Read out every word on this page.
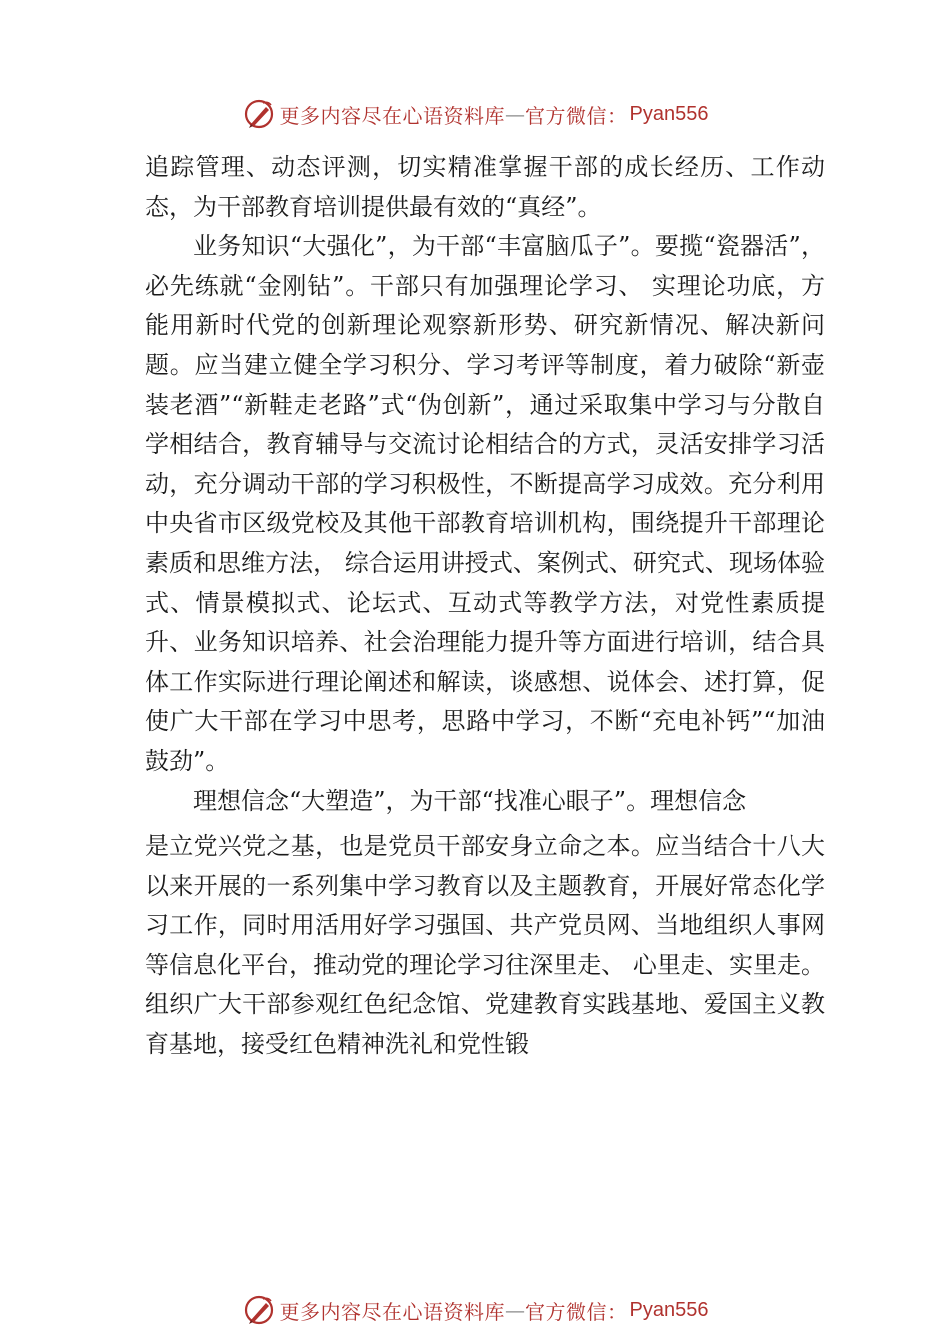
更多内容尽在心语资料库 — 官方微信： Pyan556

追踪管理、动态评测，切实精准掌握干部的成长经历、工作动态，为干部教育培训提供最有效的“真经”。

业务知识“大强化”，为干部“丰富脑瓜子”。要揽“瓷器活”，必先练就“金刚钻”。干部只有加强理论学习、 实理论功底，方能用新时代党的创新理论观察新形势、研究新情况、解决新问题。应当建立健全学习积分、学习考评等制度，着力破除“新壶装老酒”“新鞋走老路”式“伪创新”，通过采取集中学习与分散自学相结合，教育辅导与交流讨论相结合的方式，灵活安排学习活动，充分调动干部的学习积极性，不断提高学习成效。充分利用中央省市区级党校及其他干部教育培训机构，围绕提升干部理论素质和思维方法， 综合运用讲授式、案例式、研究式、现场体验式、情景模拟式、论坛式、互动式等教学方法，对党性素质提升、业务知识培养、社会治理能力提升等方面进行培训，结合具体工作实际进行理论阐述和解读，谈感想、说体会、述打算，促使广大干部在学习中思考，思路中学习，不断“充电补钙”“加油鼓劲”。

理想信念“大塑造”，为干部“找准心眼子”。理想信念

是立党兴党之基，也是党员干部安身立命之本。应当结合十八大以来开展的一系列集中学习教育以及主题教育，开展好常态化学习工作，同时用活用好学习强国、共产党员网、当地组织人事网等信息化平台，推动党的理论学习往深里走、 心里走、实里走。组织广大干部参观红色纪念馆、党建教育实践基地、爱国主义教育基地，接受红色精神洗礼和党性锻

更多内容尽在心语资料库 — 官方微信： Pyan556
